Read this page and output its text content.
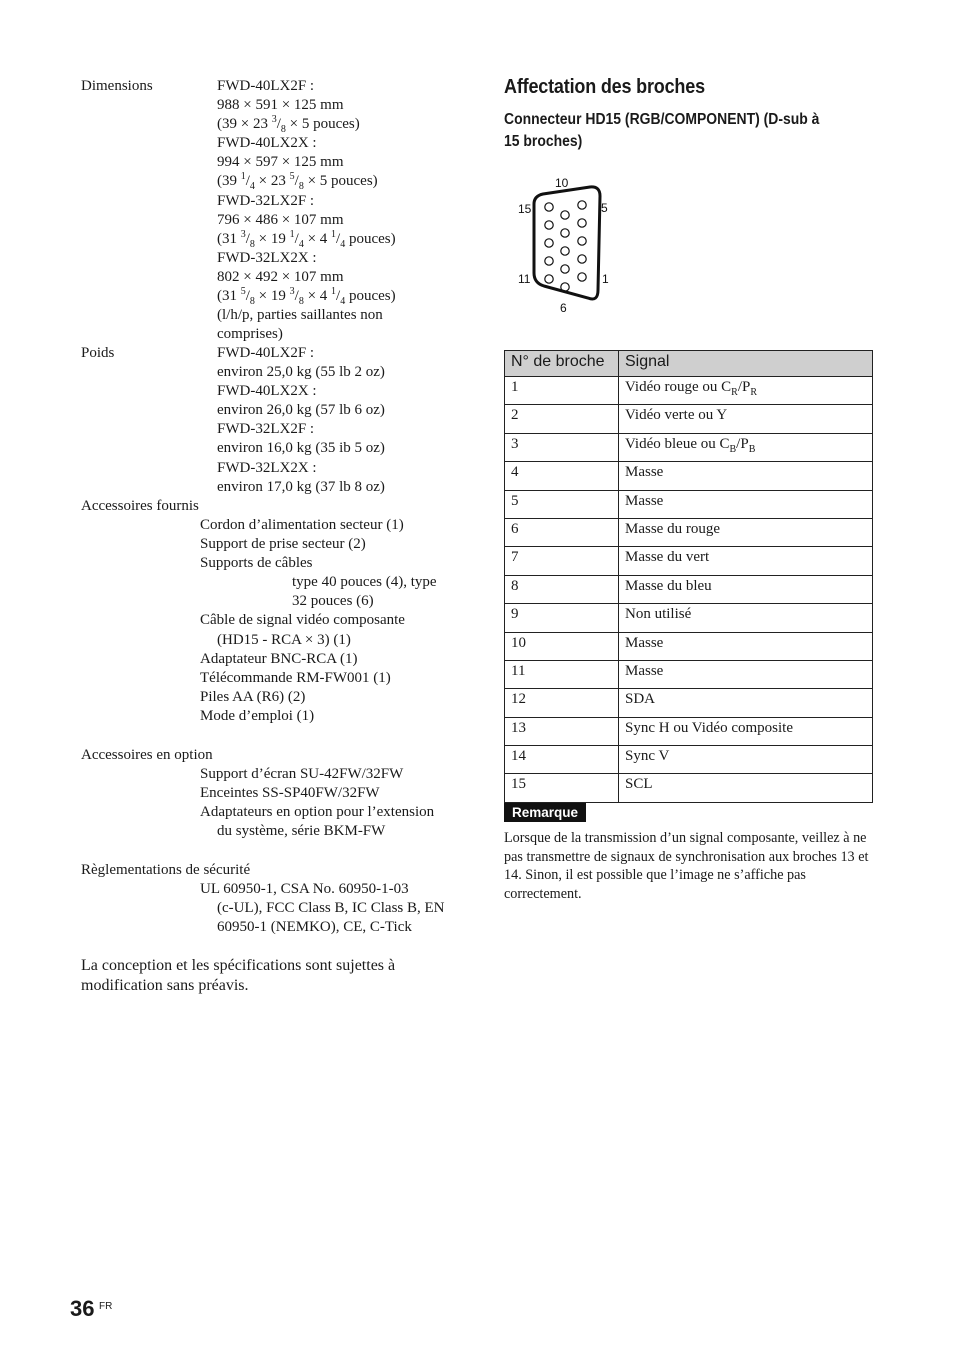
Dimensions	FWD-40LX2F :
988 × 591 × 125 mm
(39 × 23 $^3/_8 \times 5$ pouces)
FWD-40LX2X :
994 × 597 × 125 mm
(39 $^1/_4 \times 23$ $^5/_8 \times 5$ pouces)
FWD-32LX2F :
796 × 486 × 107 mm
(31 $^3/_8 \times 19$ $^1/_4 \times 4$ $^1/_4$ pouces)
FWD-32LX2X :
802 × 492 × 107 mm
(31 $^5/_8 \times 19$ $^3/_8 \times 4$ $^1/_4$ pouces)
(l/h/p, parties saillantes non
comprises)
Poids	FWD-40LX2F :
environ 25,0 kg (55 lb 2 oz)
FWD-40LX2X :
environ 26,0 kg (57 lb 6 oz)
FWD-32LX2F :
environ 16,0 kg (35 ib 5 oz)
FWD-32LX2X :
environ 17,0 kg (37 lb 8 oz)
Accessoires fournis
Cordon d’alimentation secteur (1)
Support de prise secteur (2)
Supports de câbles
type 40 pouces (4), type
32 pouces (6)
Câble de signal vidéo composante
(HD15 - RCA × 3) (1)
Adaptateur BNC-RCA (1)
Télécommande RM-FW001 (1)
Piles AA (R6) (2)
Mode d’emploi (1)
Accessoires en option
Support d’écran SU-42FW/32FW
Enceintes SS-SP40FW/32FW
Adaptateurs en option pour l’extension
du système, série BKM-FW
Règlementations de sécurité
UL 60950-1, CSA No. 60950-1-03
(c-UL), FCC Class B, IC Class B, EN
60950-1 (NEMKO), CE, C-Tick
La conception et les spécifications sont sujettes à modification sans préavis.
Affectation des broches
Connecteur HD15 (RGB/COMPONENT) (D-sub à
15 broches)
10
15	5
11	1
6
N° de broche	Signal
1	Vidéo rouge ou $C_R/P_R$
2	Vidéo verte ou Y
3	Vidéo bleue ou $C_B/P_B$
4	Masse
5	Masse
6	Masse du rouge
7	Masse du vert
8	Masse du bleu
9	Non utilisé
10	Masse
11	Masse
12	SDA
13	Sync H ou Vidéo composite
14	Sync V
15	SCL
Remarque
Lorsque de la transmission d’un signal composante, veillez à ne pas transmettre de signaux de synchronisation aux broches 13 et 14. Sinon, il est possible que l’image ne s’affiche pas correctement.
36 FR
